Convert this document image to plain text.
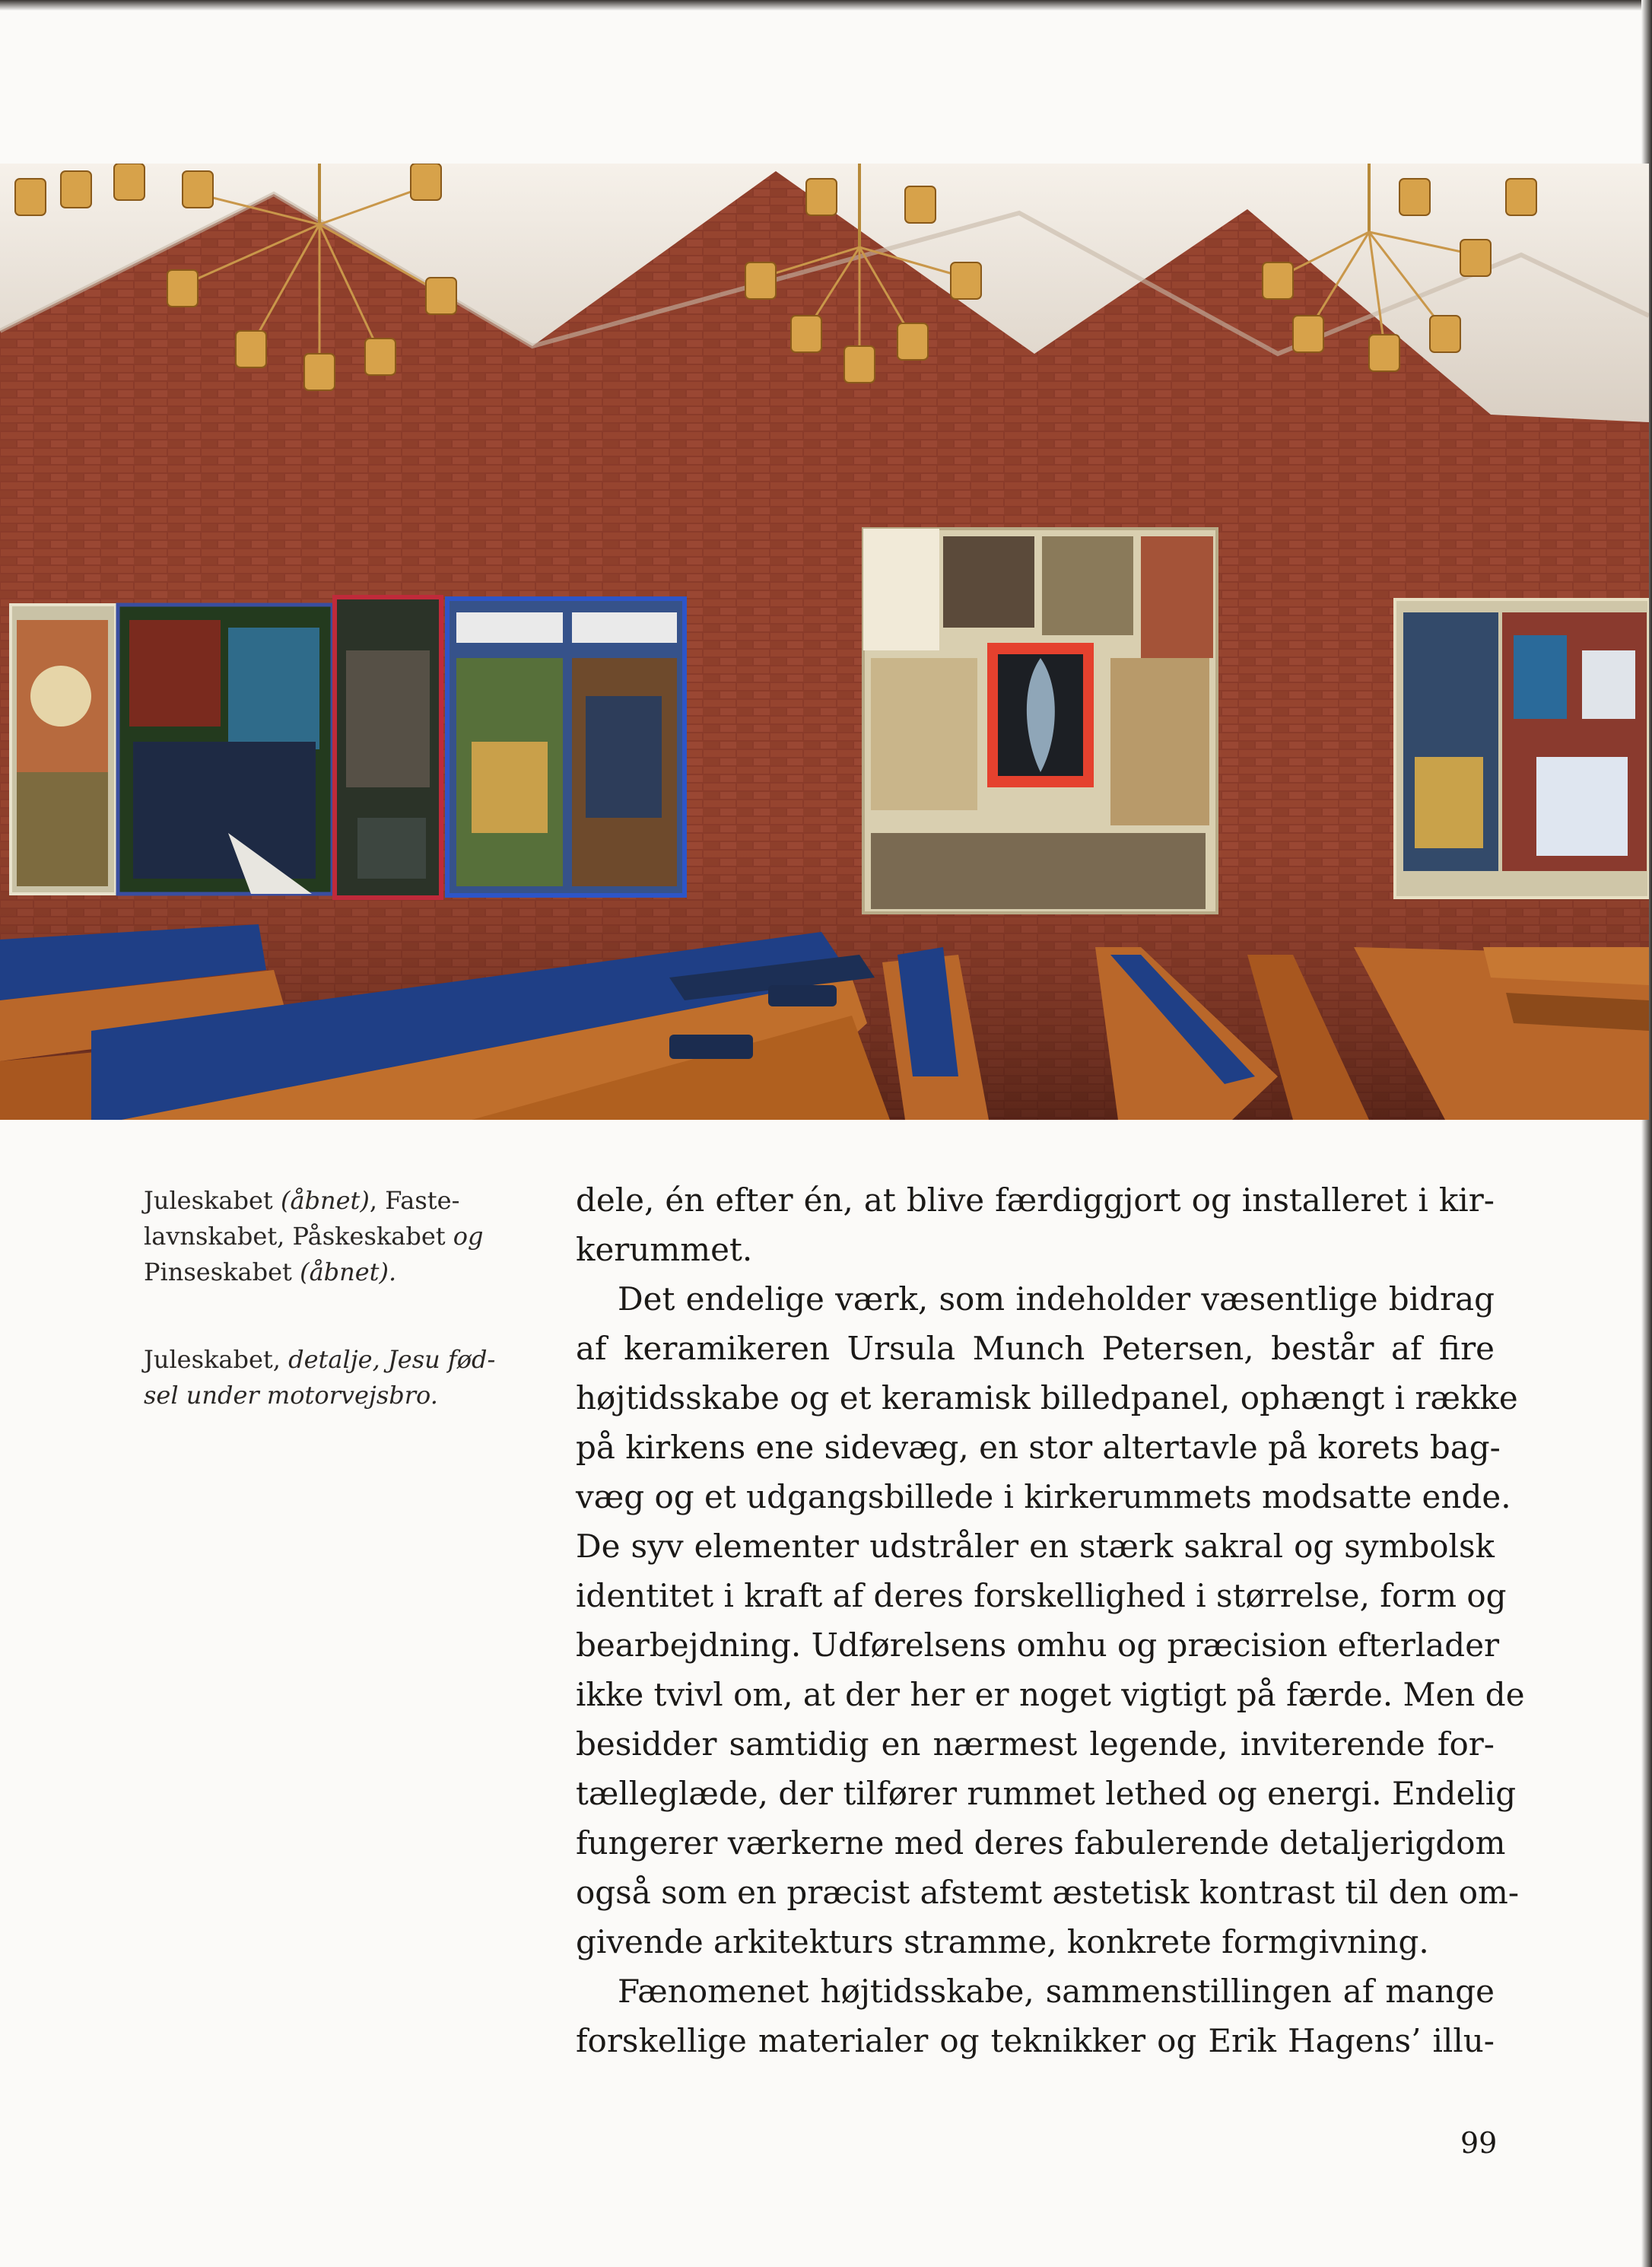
Juleskabet (åbnet), Faste-
lavnskabet, Påskeskabet og
Pinseskabet (åbnet).
Juleskabet, detalje, Jesu fød-
sel under motorvejsbro.

dele, én efter én, at blive færdiggjort og installeret i kir-
kerummet.

Det endelige værk, som indeholder væsentlige bidrag
af keramikeren Ursula Munch Petersen, består af fire
højtidsskabe og et keramisk billedpanel, ophængt i række
på kirkens ene sidevæg, en stor altertavle på korets bag-
væg og et udgangsbillede i kirkerummets modsatte ende.
De syv elementer udstråler en stærk sakral og symbolsk
identitet i kraft af deres forskellighed i størrelse, form og
bearbejdning. Udførelsens omhu og præcision efterlader
ikke tvivl om, at der her er noget vigtigt på færde. Men de
besidder samtidig en nærmest legende, inviterende for-
tælleglæde, der tilfører rummet lethed og energi. Endelig
fungerer værkerne med deres fabulerende detaljerigdom
også som en præcist afstemt æstetisk kontrast til den om-
givende arkitekturs stramme, konkrete formgivning.

Fænomenet højtidsskabe, sammenstillingen af mange
forskellige materialer og teknikker og Erik Hagens’ illu-

99
